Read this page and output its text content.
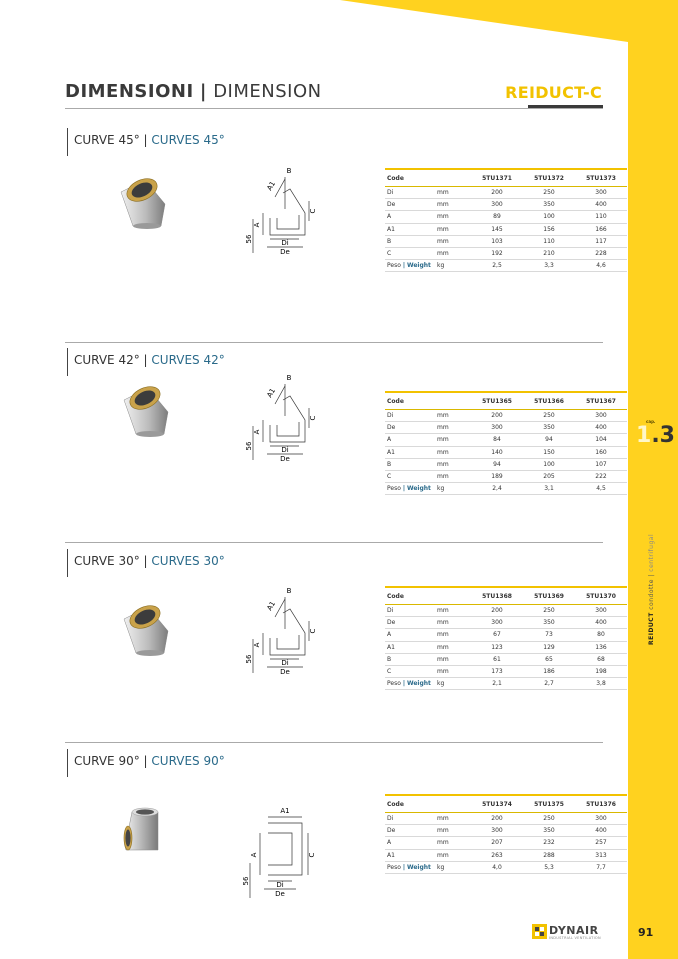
cap.
1.3
REIDUCT condotte | centrifugal
DIMENSIONI | DIMENSION	REIDUCT-C
CURVE 45° | CURVES 45°
B
A1
A
C
56	Di
De
Code		5TU1371	5TU1372	5TU1373
Di	mm	200	250	300
De	mm	300	350	400
A	mm	89	100	110
A1	mm	145	156	166
B	mm	103	110	117
C	mm	192	210	228
Peso | Weight	kg	2,5	3,3	4,6
CURVE 42° | CURVES 42°
B
A1
A
C
56	Di
De
Code		5TU1365	5TU1366	5TU1367
Di	mm	200	250	300
De	mm	300	350	400
A	mm	84	94	104
A1	mm	140	150	160
B	mm	94	100	107
C	mm	189	205	222
Peso | Weight	kg	2,4	3,1	4,5
CURVE 30° | CURVES 30°
B
A1
A
C
56	Di
De
Code		5TU1368	5TU1369	5TU1370
Di	mm	200	250	300
De	mm	300	350	400
A	mm	67	73	80
A1	mm	123	129	136
B	mm	61	65	68
C	mm	173	186	198
Peso | Weight	kg	2,1	2,7	3,8
CURVE 90° | CURVES 90°
A1
A	C
56	Di
De
Code		5TU1374	5TU1375	5TU1376
Di	mm	200	250	300
De	mm	300	350	400
A	mm	207	232	257
A1	mm	263	288	313
Peso | Weight	kg	4,0	5,3	7,7
DYNAIR
INDUSTRIAL VENTILATION	91
